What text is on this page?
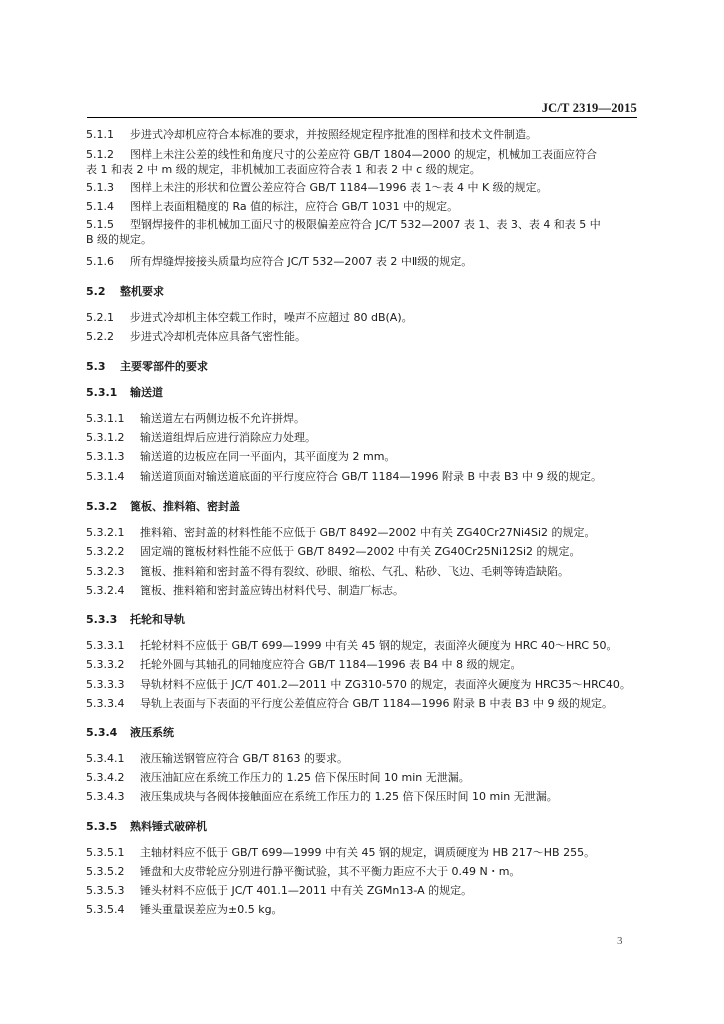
JC/T 2319—2015
5.1.1 步进式冷却机应符合本标准的要求，并按照经规定程序批准的图样和技术文件制造。
5.1.2 图样上未注公差的线性和角度尺寸的公差应符 GB/T 1804—2000 的规定，机械加工表面应符合
表 1 和表 2 中 m 级的规定，非机械加工表面应符合表 1 和表 2 中 c 级的规定。
5.1.3 图样上未注的形状和位置公差应符合 GB/T 1184—1996 表 1～表 4 中 K 级的规定。
5.1.4 图样上表面粗糙度的 Ra 值的标注，应符合 GB/T 1031 中的规定。
5.1.5 型钢焊接件的非机械加工面尺寸的极限偏差应符合 JC/T 532—2007 表 1、表 3、表 4 和表 5 中
B 级的规定。
5.1.6 所有焊缝焊接接头质量均应符合 JC/T 532—2007 表 2 中Ⅱ级的规定。
5.2 整机要求
5.2.1 步进式冷却机主体空载工作时，噪声不应超过 80 dB(A)。
5.2.2 步进式冷却机壳体应具备气密性能。
5.3 主要零部件的要求
5.3.1 输送道
5.3.1.1 输送道左右两侧边板不允许拼焊。
5.3.1.2 输送道组焊后应进行消除应力处理。
5.3.1.3 输送道的边板应在同一平面内，其平面度为 2 mm。
5.3.1.4 输送道顶面对输送道底面的平行度应符合 GB/T 1184—1996 附录 B 中表 B3 中 9 级的规定。
5.3.2 篦板、推料箱、密封盖
5.3.2.1 推料箱、密封盖的材料性能不应低于 GB/T 8492—2002 中有关 ZG40Cr27Ni4Si2 的规定。
5.3.2.2 固定端的篦板材料性能不应低于 GB/T 8492—2002 中有关 ZG40Cr25Ni12Si2 的规定。
5.3.2.3 篦板、推料箱和密封盖不得有裂纹、砂眼、缩松、气孔、粘砂、飞边、毛刺等铸造缺陷。
5.3.2.4 篦板、推料箱和密封盖应铸出材料代号、制造厂标志。
5.3.3 托轮和导轨
5.3.3.1 托轮材料不应低于 GB/T 699—1999 中有关 45 钢的规定，表面淬火硬度为 HRC 40～HRC 50。
5.3.3.2 托轮外圆与其轴孔的同轴度应符合 GB/T 1184—1996 表 B4 中 8 级的规定。
5.3.3.3 导轨材料不应低于 JC/T 401.2—2011 中 ZG310-570 的规定，表面淬火硬度为 HRC35～HRC40。
5.3.3.4 导轨上表面与下表面的平行度公差值应符合 GB/T 1184—1996 附录 B 中表 B3 中 9 级的规定。
5.3.4 液压系统
5.3.4.1 液压输送钢管应符合 GB/T 8163 的要求。
5.3.4.2 液压油缸应在系统工作压力的 1.25 倍下保压时间 10 min 无泄漏。
5.3.4.3 液压集成块与各阀体接触面应在系统工作压力的 1.25 倍下保压时间 10 min 无泄漏。
5.3.5 熟料锤式破碎机
5.3.5.1 主轴材料应不低于 GB/T 699—1999 中有关 45 钢的规定，调质硬度为 HB 217～HB 255。
5.3.5.2 锤盘和大皮带轮应分别进行静平衡试验，其不平衡力距应不大于 0.49 N・m。
5.3.5.3 锤头材料不应低于 JC/T 401.1—2011 中有关 ZGMn13-A 的规定。
5.3.5.4 锤头重量误差应为±0.5 kg。
3
